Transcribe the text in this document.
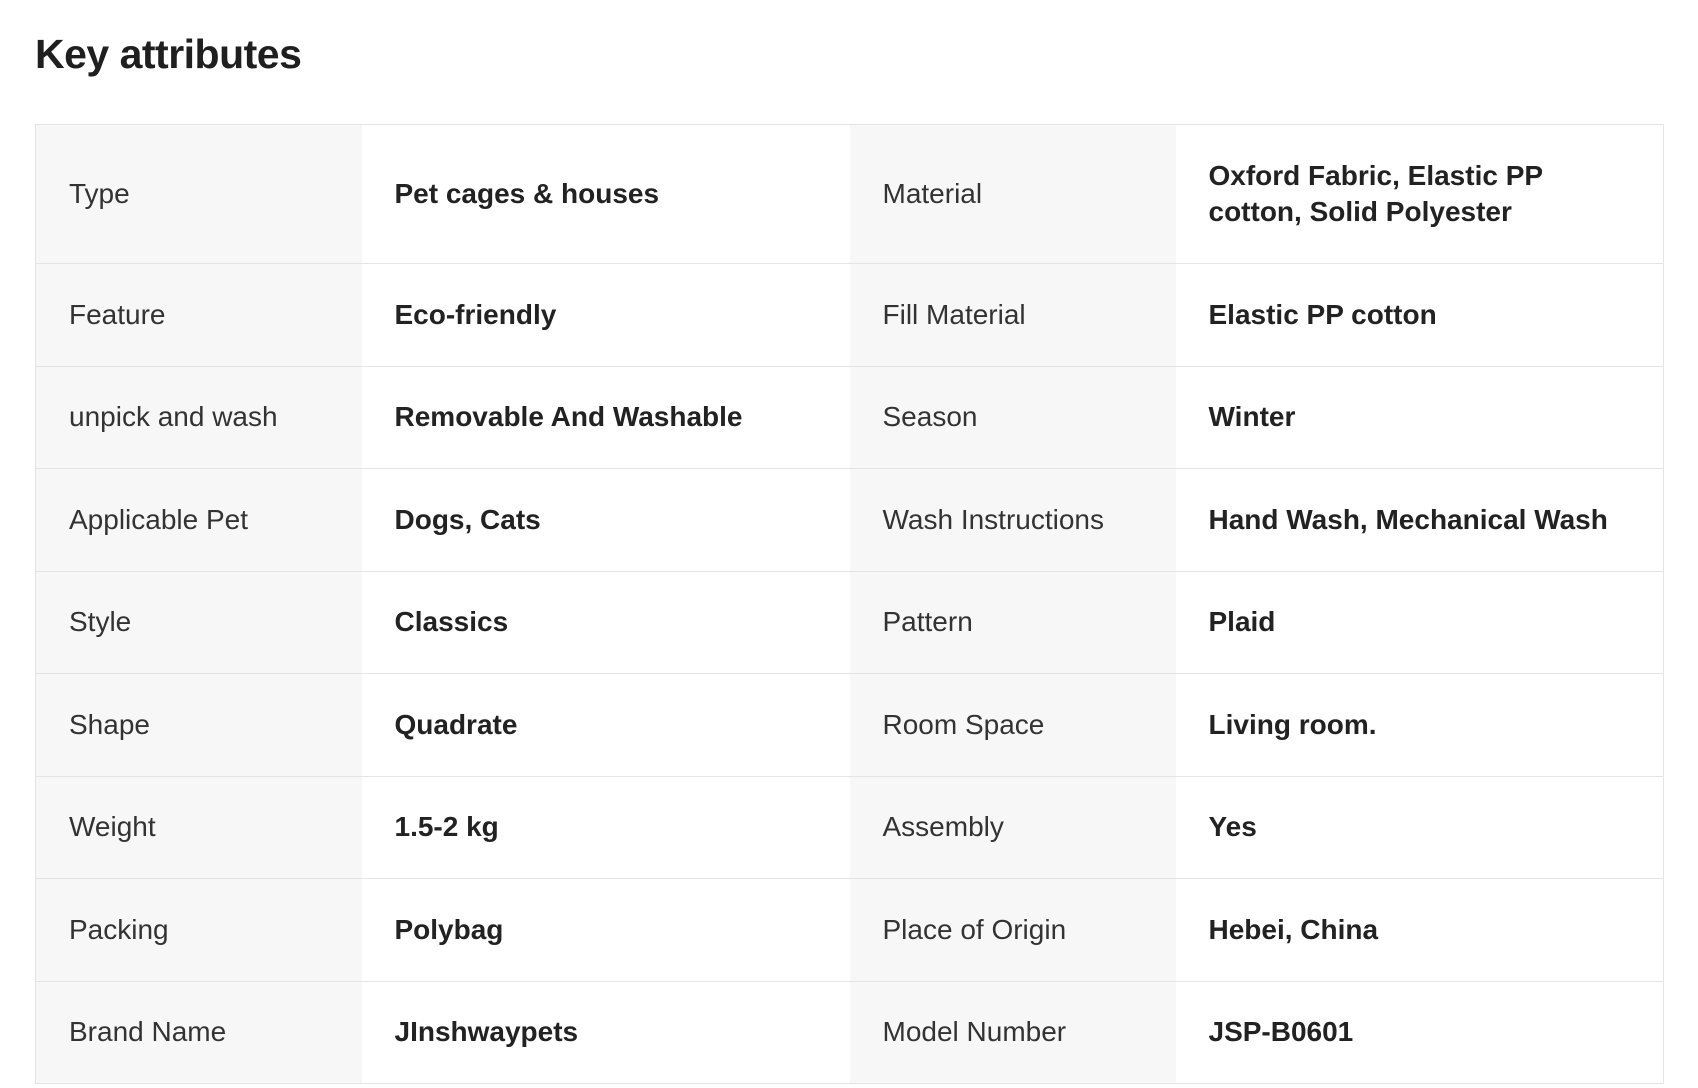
Key attributes
Type	Pet cages & houses	Material	Oxford Fabric, Elastic PP cotton, Solid Polyester
Feature	Eco-friendly	Fill Material	Elastic PP cotton
unpick and wash	Removable And Washable	Season	Winter
Applicable Pet	Dogs, Cats	Wash Instructions	Hand Wash, Mechanical Wash
Style	Classics	Pattern	Plaid
Shape	Quadrate	Room Space	Living room.
Weight	1.5-2 kg	Assembly	Yes
Packing	Polybag	Place of Origin	Hebei, China
Brand Name	JInshwaypets	Model Number	JSP-B0601
